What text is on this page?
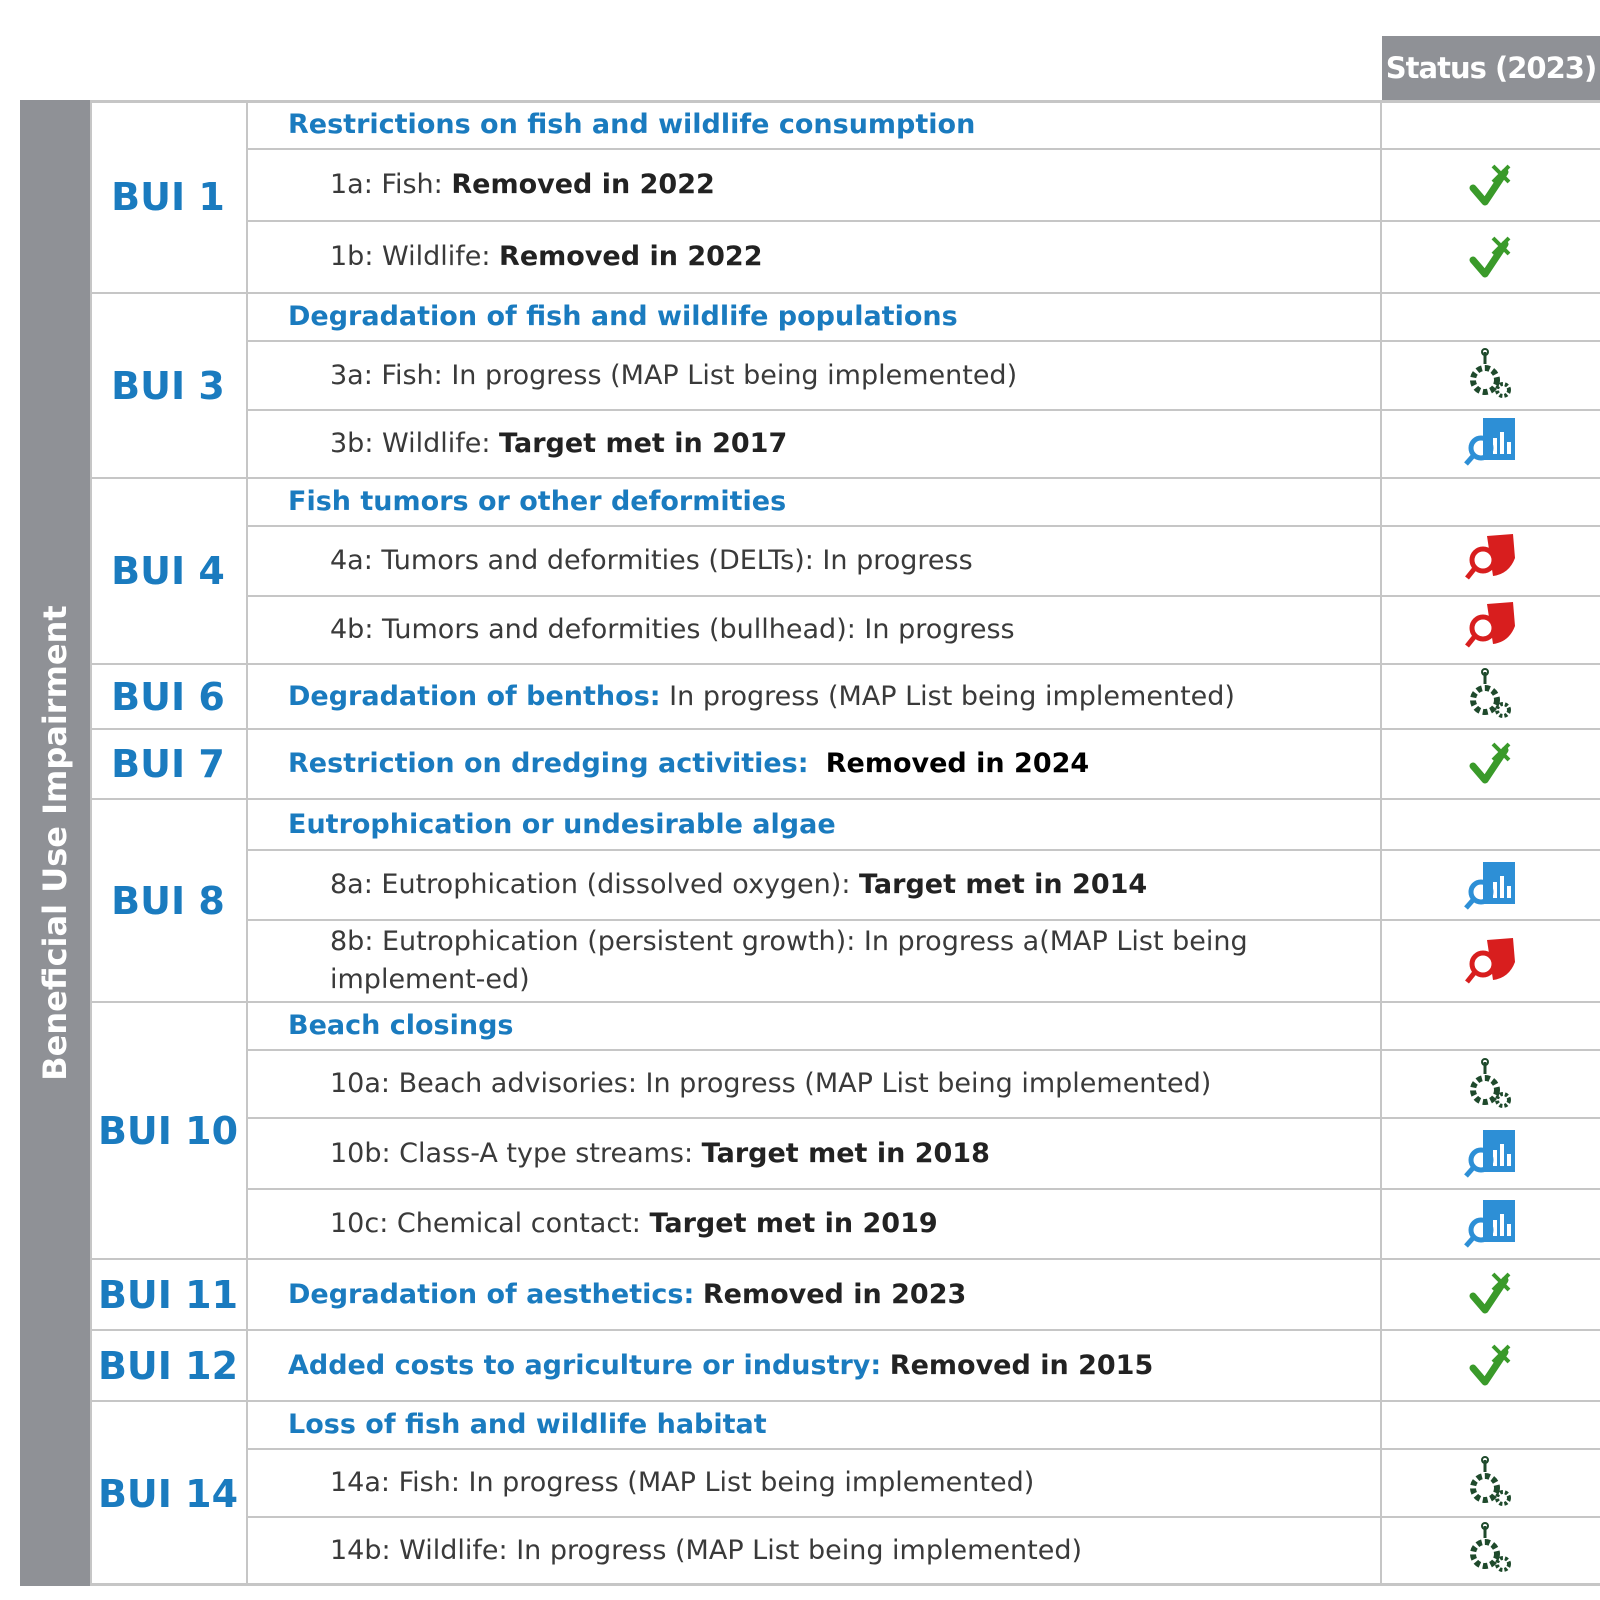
Status (2023)
Beneficial Use Impairment
BUI 1
BUI 3
BUI 4
BUI 6
BUI 7
BUI 8
BUI 10
BUI 11
BUI 12
BUI 14
Restrictions on fish and wildlife consumption
1a: Fish: Removed in 2022
1b: Wildlife: Removed in 2022
Degradation of fish and wildlife populations
3a: Fish: In progress (MAP List being implemented)
3b: Wildlife: Target met in 2017
Fish tumors or other deformities
4a: Tumors and deformities (DELTs): In progress
4b: Tumors and deformities (bullhead): In progress
Degradation of benthos: In progress (MAP List being implemented)
Restriction on dredging activities: Removed in 2024
Eutrophication or undesirable algae
8a: Eutrophication (dissolved oxygen): Target met in 2014
8b: Eutrophication (persistent growth): In progress a(MAP List being implement-ed)
Beach closings
10a: Beach advisories: In progress (MAP List being implemented)
10b: Class-A type streams: Target met in 2018
10c: Chemical contact: Target met in 2019
Degradation of aesthetics: Removed in 2023
Added costs to agriculture or industry: Removed in 2015
Loss of fish and wildlife habitat
14a: Fish: In progress (MAP List being implemented)
14b: Wildlife: In progress (MAP List being implemented)
